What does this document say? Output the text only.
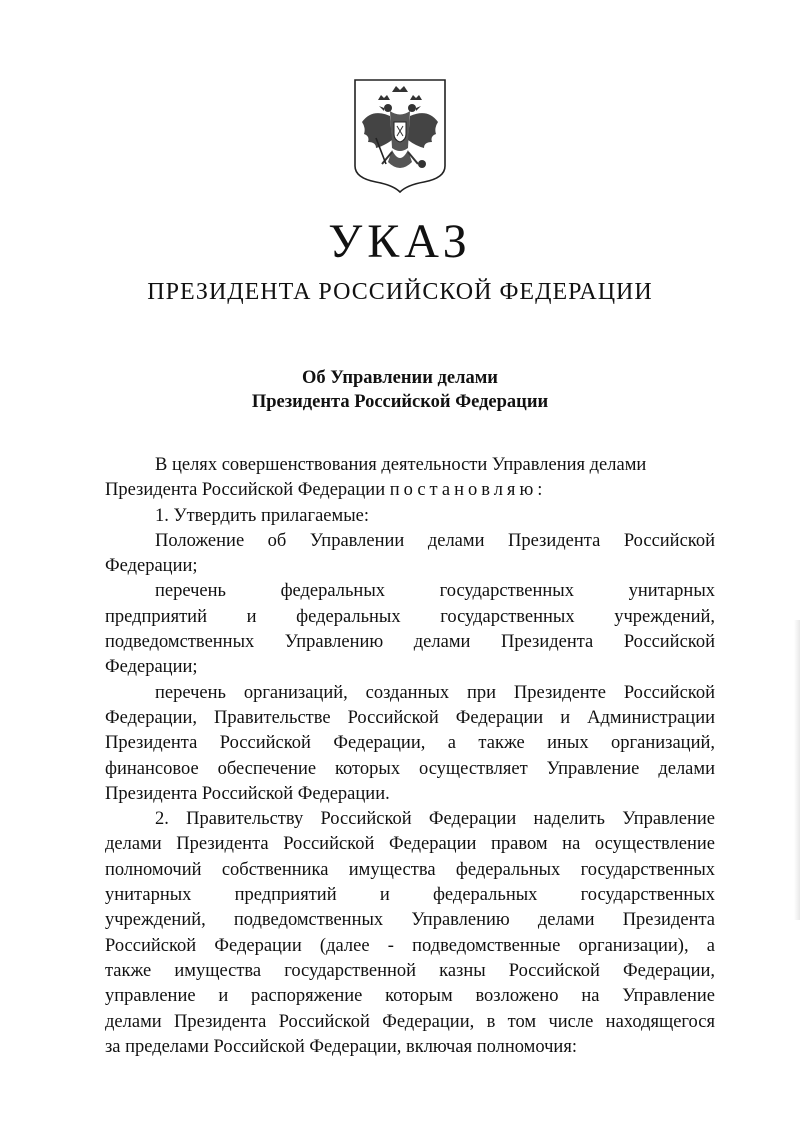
УКАЗ
ПРЕЗИДЕНТА РОССИЙСКОЙ ФЕДЕРАЦИИ
Об Управлении делами
Президента Российской Федерации
В целях совершенствования деятельности Управления делами
Президента Российской Федерации постановляю:
1. Утвердить прилагаемые:
Положение об Управлении делами Президента Российской
Федерации;
перечень федеральных государственных унитарных
предприятий и федеральных государственных учреждений,
подведомственных Управлению делами Президента Российской
Федерации;
перечень организаций, созданных при Президенте Российской
Федерации, Правительстве Российской Федерации и Администрации
Президента Российской Федерации, а также иных организаций,
финансовое обеспечение которых осуществляет Управление делами
Президента Российской Федерации.
2. Правительству Российской Федерации наделить Управление
делами Президента Российской Федерации правом на осуществление
полномочий собственника имущества федеральных государственных
унитарных предприятий и федеральных государственных
учреждений, подведомственных Управлению делами Президента
Российской Федерации (далее - подведомственные организации), а
также имущества государственной казны Российской Федерации,
управление и распоряжение которым возложено на Управление
делами Президента Российской Федерации, в том числе находящегося
за пределами Российской Федерации, включая полномочия:
